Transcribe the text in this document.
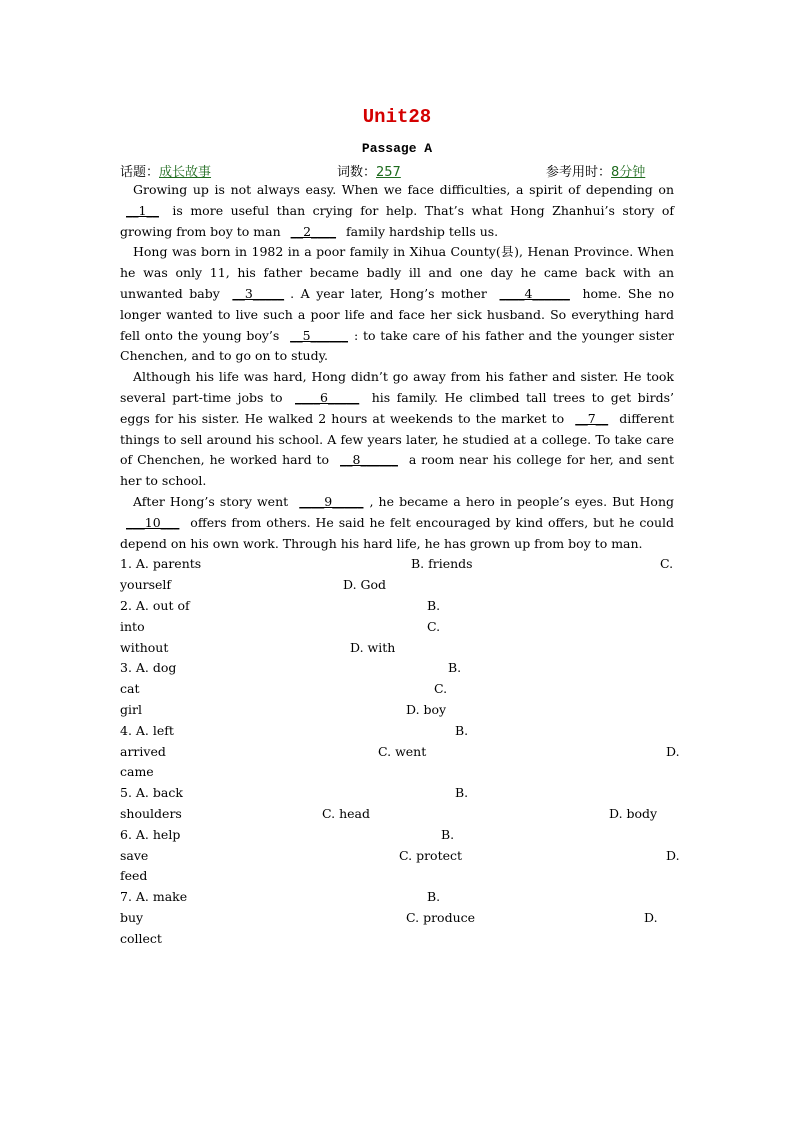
Unit28
Passage A
话题：成长故事	词数：257	参考用时：8分钟

Growing up is not always easy. When we face difficulties, a spirit of depending on __1__ is more useful than crying for help. That’s what Hong Zhanhui’s story of growing from boy to man __2____ family hardship tells us.

Hong was born in 1982 in a poor family in Xihua County(县), Henan Province. When he was only 11, his father became badly ill and one day he came back with an unwanted baby __3_____ . A year later, Hong’s mother ____4______ home. She no longer wanted to live such a poor life and face her sick husband. So everything hard fell onto the young boy’s __5______ : to take care of his father and the younger sister Chenchen, and to go on to study.

Although his life was hard, Hong didn’t go away from his father and sister. He took several part-time jobs to ____6_____ his family. He climbed tall trees to get birds’ eggs for his sister. He walked 2 hours at weekends to the market to __7__ different things to sell around his school. A few years later, he studied at a college. To take care of Chenchen, he worked hard to __8______ a room near his college for her, and sent her to school.

After Hong’s story went ____9_____ , he became a hero in people’s eyes. But Hong ___10___ offers from others. He said he felt encouraged by kind offers, but he could depend on his own work. Through his hard life, he has grown up from boy to man.

1. A. parents	B. friends	C.
yourself	D. God
2. A. out of	B.
into	C.
without	D. with
3. A. dog	B.
cat	C.
girl	D. boy
4. A. left	B.
arrived	C. went	D.
came
5. A. back	B.
shoulders	C. head	D. body
6. A. help	B.
save	C. protect	D.
feed
7. A. make	B.
buy	C. produce	D.
collect
